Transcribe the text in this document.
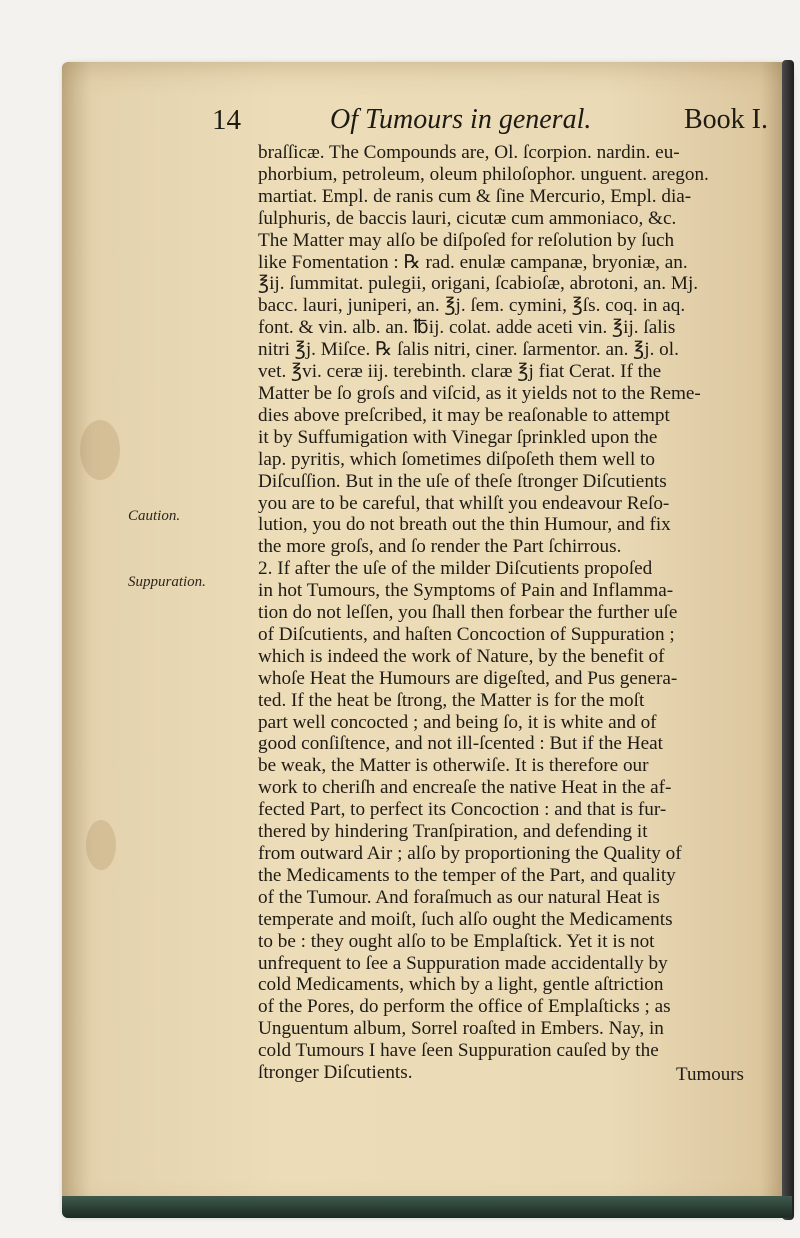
14	Of Tumours in general.	Book I.
Caution.
Suppuration.
braſſicæ. The Compounds are, Ol. ſcorpion. nardin. eu-
phorbium, petroleum, oleum philoſophor. unguent. aregon.
martiat. Empl. de ranis cum & ſine Mercurio, Empl. dia-
ſulphuris, de baccis lauri, cicutæ cum ammoniaco, &c.
The Matter may alſo be diſpoſed for reſolution by ſuch
like Fomentation : ℞ rad. enulæ campanæ, bryoniæ, an.
℥ij. ſummitat. pulegii, origani, ſcabioſæ, abrotoni, an. Mj.
bacc. lauri, juniperi, an. ℥j. ſem. cymini, ℥ſs. coq. in aq.
font. & vin. alb. an. ℔ij. colat. adde aceti vin. ℥ij. ſalis
nitri ℥j. Miſce. ℞ ſalis nitri, ciner. ſarmentor. an. ℥j. ol.
vet. ℥vi. ceræ iij. terebinth. claræ ℥j fiat Cerat. If the
Matter be ſo groſs and viſcid, as it yields not to the Reme-
dies above preſcribed, it may be reaſonable to attempt
it by Suffumigation with Vinegar ſprinkled upon the
lap. pyritis, which ſometimes diſpoſeth them well to
Diſcuſſion. But in the uſe of theſe ſtronger Diſcutients
you are to be careful, that whilſt you endeavour Reſo-
lution, you do not breath out the thin Humour, and fix
the more groſs, and ſo render the Part ſchirrous.
2. If after the uſe of the milder Diſcutients propoſed
in hot Tumours, the Symptoms of Pain and Inflamma-
tion do not leſſen, you ſhall then forbear the further uſe
of Diſcutients, and haſten Concoction of Suppuration ;
which is indeed the work of Nature, by the benefit of
whoſe Heat the Humours are digeſted, and Pus genera-
ted. If the heat be ſtrong, the Matter is for the moſt
part well concocted ; and being ſo, it is white and of
good conſiſtence, and not ill-ſcented : But if the Heat
be weak, the Matter is otherwiſe. It is therefore our
work to cheriſh and encreaſe the native Heat in the af-
fected Part, to perfect its Concoction : and that is fur-
thered by hindering Tranſpiration, and defending it
from outward Air ; alſo by proportioning the Quality of
the Medicaments to the temper of the Part, and quality
of the Tumour. And foraſmuch as our natural Heat is
temperate and moiſt, ſuch alſo ought the Medicaments
to be : they ought alſo to be Emplaſtick. Yet it is not
unfrequent to ſee a Suppuration made accidentally by
cold Medicaments, which by a light, gentle aſtriction
of the Pores, do perform the office of Emplaſticks ; as
Unguentum album, Sorrel roaſted in Embers. Nay, in
cold Tumours I have ſeen Suppuration cauſed by the
ſtronger Diſcutients.	Tumours
